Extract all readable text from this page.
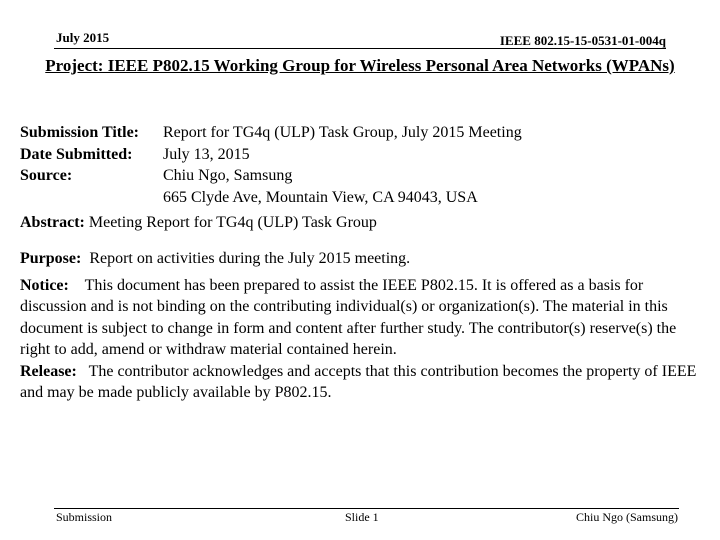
July 2015	IEEE 802.15-15-0531-01-004q
Project: IEEE P802.15 Working Group for Wireless Personal Area Networks (WPANs)
Submission Title:	Report for TG4q (ULP) Task Group, July 2015 Meeting
Date Submitted:	July 13, 2015
Source:	Chiu Ngo, Samsung
665 Clyde Ave, Mountain View, CA 94043, USA
Abstract: Meeting Report for TG4q (ULP) Task Group

Purpose: Report on activities during the July 2015 meeting.

Notice: This document has been prepared to assist the IEEE P802.15. It is offered as a basis for discussion and is not binding on the contributing individual(s) or organization(s). The material in this document is subject to change in form and content after further study. The contributor(s) reserve(s) the right to add, amend or withdraw material contained herein.

Release: The contributor acknowledges and accepts that this contribution becomes the property of IEEE and may be made publicly available by P802.15.

Submission	Slide 1	Chiu Ngo (Samsung)
